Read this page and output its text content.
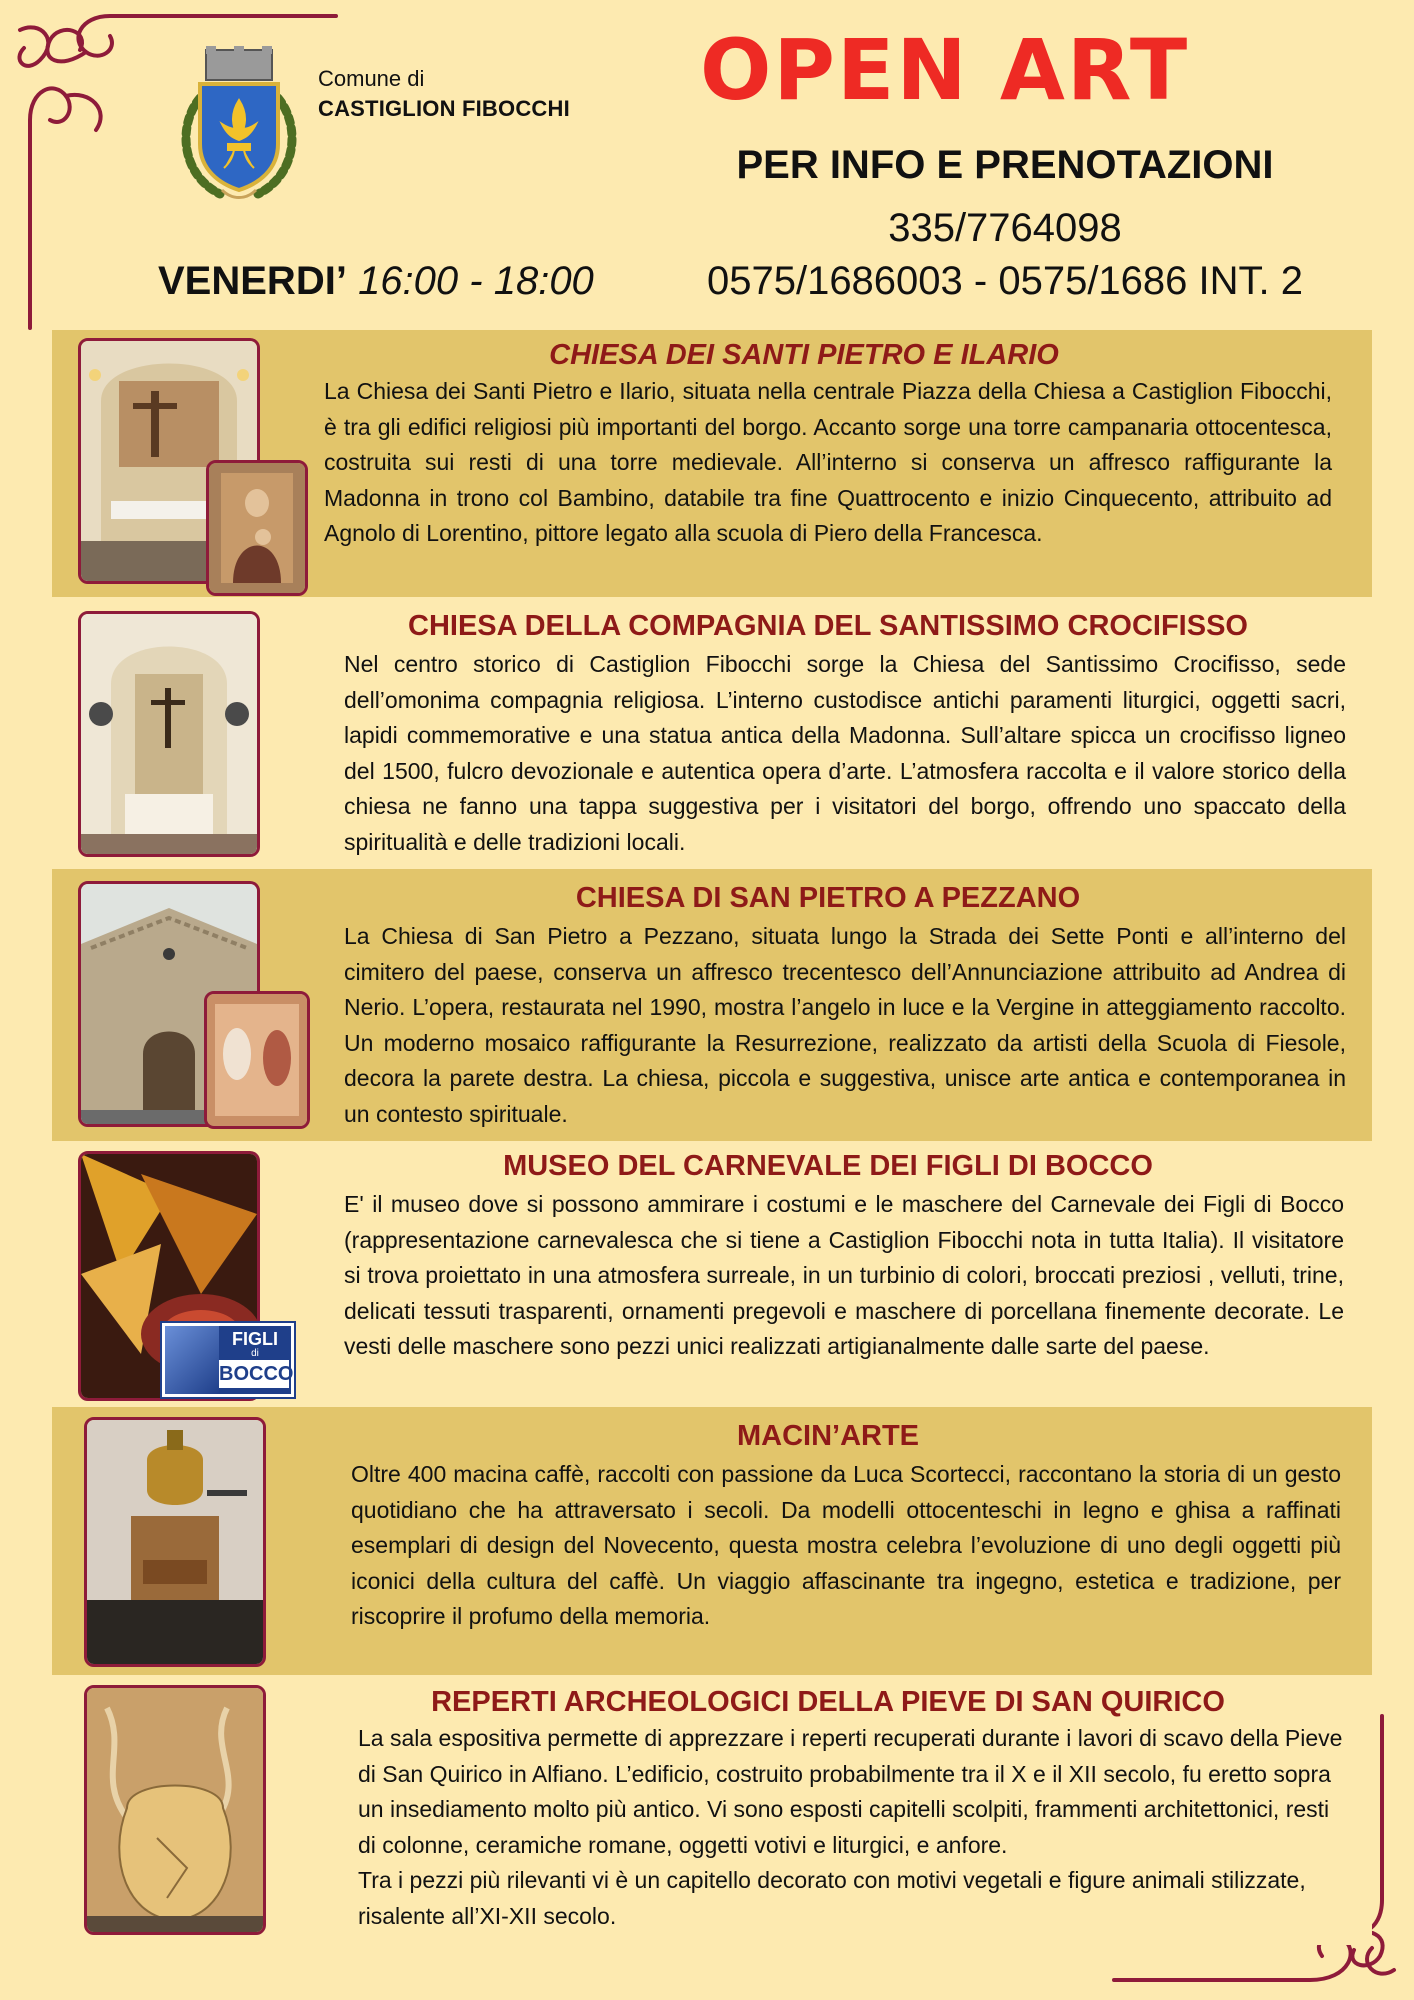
Comune di
CASTIGLION FIBOCCHI OPEN ART
PER INFO E PRENOTAZIONI
335/7764098
0575/1686003 - 0575/1686 INT. 2
VENERDI’ 16:00 - 18:00
CHIESA DEI SANTI PIETRO E ILARIO

La Chiesa dei Santi Pietro e Ilario, situata nella centrale Piazza della Chiesa a Castiglion Fibocchi, è tra gli edifici religiosi più importanti del borgo. Accanto sorge una torre campanaria ottocentesca, costruita sui resti di una torre medievale. All’interno si conserva un affresco raffigurante la Madonna in trono col Bambino, databile tra fine Quattrocento e inizio Cinquecento, attribuito ad Agnolo di Lorentino, pittore legato alla scuola di Piero della Francesca.

CHIESA DELLA COMPAGNIA DEL SANTISSIMO CROCIFISSO

Nel centro storico di Castiglion Fibocchi sorge la Chiesa del Santissimo Crocifisso, sede dell’omonima compagnia religiosa. L’interno custodisce antichi paramenti liturgici, oggetti sacri, lapidi commemorative e una statua antica della Madonna. Sull’altare spicca un crocifisso ligneo del 1500, fulcro devozionale e autentica opera d’arte. L’atmosfera raccolta e il valore storico della chiesa ne fanno una tappa suggestiva per i visitatori del borgo, offrendo uno spaccato della spiritualità e delle tradizioni locali.

CHIESA DI SAN PIETRO A PEZZANO

La Chiesa di San Pietro a Pezzano, situata lungo la Strada dei Sette Ponti e all’interno del cimitero del paese, conserva un affresco trecentesco dell’Annunciazione attribuito ad Andrea di Nerio. L’opera, restaurata nel 1990, mostra l’angelo in luce e la Vergine in atteggiamento raccolto. Un moderno mosaico raffigurante la Resurrezione, realizzato da artisti della Scuola di Fiesole, decora la parete destra. La chiesa, piccola e suggestiva, unisce arte antica e contemporanea in un contesto spirituale.

FIGLI
di
BOCCO
MUSEO DEL CARNEVALE DEI FIGLI DI BOCCO

E' il museo dove si possono ammirare i costumi e le maschere del Carnevale dei Figli di Bocco (rappresentazione carnevalesca che si tiene a Castiglion Fibocchi nota in tutta Italia). Il visitatore si trova proiettato in una atmosfera surreale, in un turbinio di colori, broccati preziosi , velluti, trine, delicati tessuti trasparenti, ornamenti pregevoli e maschere di porcellana finemente decorate. Le vesti delle maschere sono pezzi unici realizzati artigianalmente dalle sarte del paese.

MACIN’ARTE

Oltre 400 macina caffè, raccolti con passione da Luca Scortecci, raccontano la storia di un gesto quotidiano che ha attraversato i secoli. Da modelli ottocenteschi in legno e ghisa a raffinati esemplari di design del Novecento, questa mostra celebra l’evoluzione di uno degli oggetti più iconici della cultura del caffè. Un viaggio affascinante tra ingegno, estetica e tradizione, per riscoprire il profumo della memoria.

REPERTI ARCHEOLOGICI DELLA PIEVE DI SAN QUIRICO

La sala espositiva permette di apprezzare i reperti recuperati durante i lavori di scavo della Pieve di San Quirico in Alfiano. L’edificio, costruito probabilmente tra il X e il XII secolo, fu eretto sopra un insediamento molto più antico. Vi sono esposti capitelli scolpiti, frammenti architettonici, resti di colonne, ceramiche romane, oggetti votivi e liturgici, e anfore.

Tra i pezzi più rilevanti vi è un capitello decorato con motivi vegetali e figure animali stilizzate, risalente all’XI-XII secolo.
